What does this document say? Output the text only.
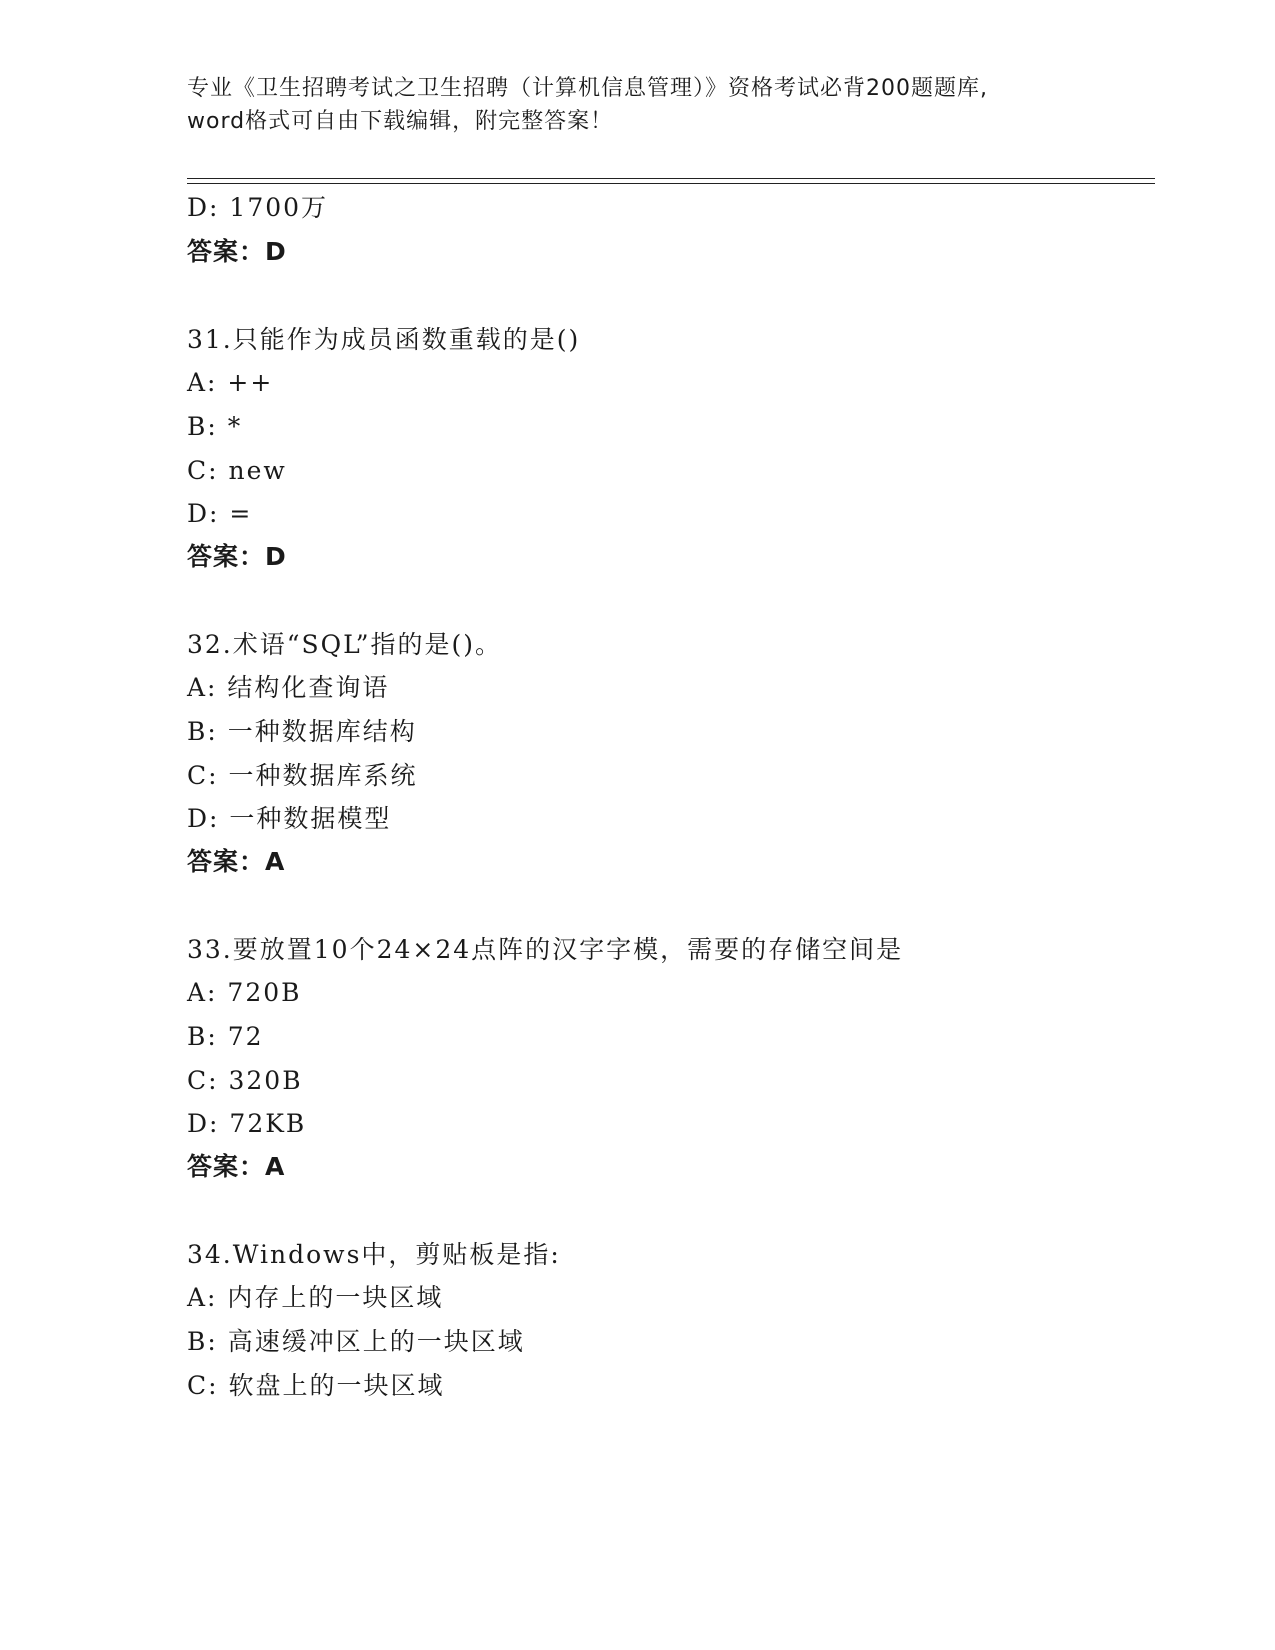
专业《卫生招聘考试之卫生招聘（计算机信息管理）》资格考试必背200题题库,
word格式可自由下载编辑，附完整答案！
D: 1700万
答案：D
31.只能作为成员函数重载的是()
A: ++
B: *
C: new
D: =
答案：D
32.术语“SQL”指的是()。
A: 结构化查询语
B: 一种数据库结构
C: 一种数据库系统
D: 一种数据模型
答案：A
33.要放置10个24×24点阵的汉字字模，需要的存储空间是
A: 720B
B: 72
C: 320B
D: 72KB
答案：A
34.Windows中，剪贴板是指:
A: 内存上的一块区域
B: 高速缓冲区上的一块区域
C: 软盘上的一块区域
